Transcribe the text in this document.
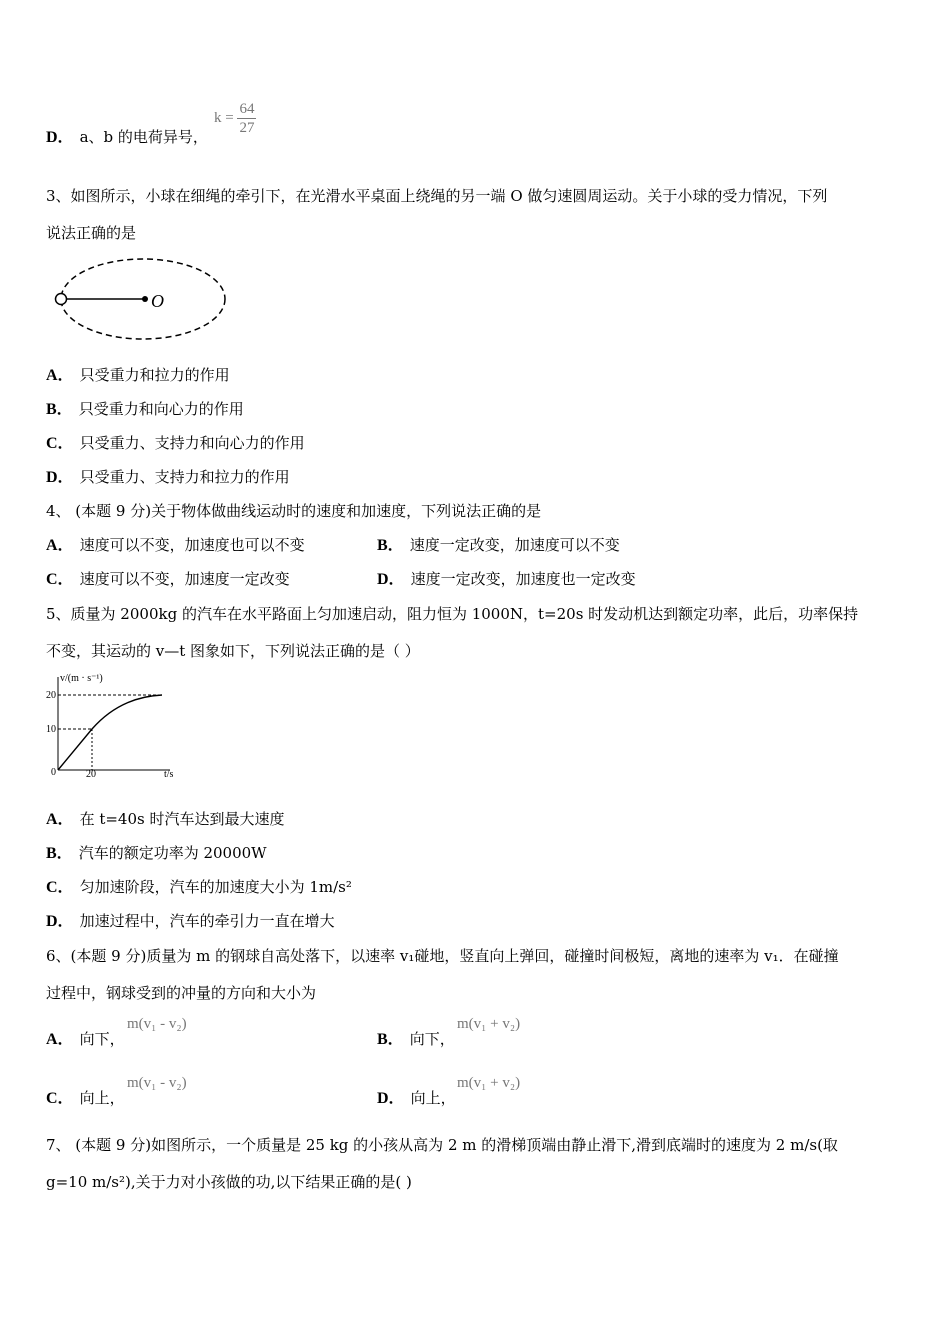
D． a、b 的电荷异号，
$k = \frac{64}{27}$
3、如图所示，小球在细绳的牵引下，在光滑水平桌面上绕绳的另一端 O 做匀速圆周运动。关于小球的受力情况，下列
说法正确的是
O
A． 只受重力和拉力的作用
B． 只受重力和向心力的作用
C． 只受重力、支持力和向心力的作用
D． 只受重力、支持力和拉力的作用
4、 (本题 9 分)关于物体做曲线运动时的速度和加速度，下列说法正确的是
A． 速度可以不变，加速度也可以不变	B． 速度一定改变，加速度可以不变
C． 速度可以不变，加速度一定改变	D． 速度一定改变，加速度也一定改变
5、质量为 2000kg 的汽车在水平路面上匀加速启动，阻力恒为 1000N，t=20s 时发动机达到额定功率，此后，功率保持
不变，其运动的 v—t 图象如下，下列说法正确的是（ ）
v/(m · s⁻¹)
20
10
0	20	t/s
A． 在 t=40s 时汽车达到最大速度
B． 汽车的额定功率为 20000W
C． 匀加速阶段，汽车的加速度大小为 1m/s²
D． 加速过程中，汽车的牵引力一直在增大
6、(本题 9 分)质量为 m 的钢球自高处落下，以速率 v₁碰地，竖直向上弹回，碰撞时间极短，离地的速率为 v₁．在碰撞
过程中，钢球受到的冲量的方向和大小为
A． 向下，
m(v₁ - v₂)
B． 向下，
m(v₁ + v₂)
C． 向上，
m(v₁ - v₂)
D． 向上，
m(v₁ + v₂)
7、 (本题 9 分)如图所示，一个质量是 25 kg 的小孩从高为 2 m 的滑梯顶端由静止滑下,滑到底端时的速度为 2 m/s(取
g=10 m/s²),关于力对小孩做的功,以下结果正确的是( )
